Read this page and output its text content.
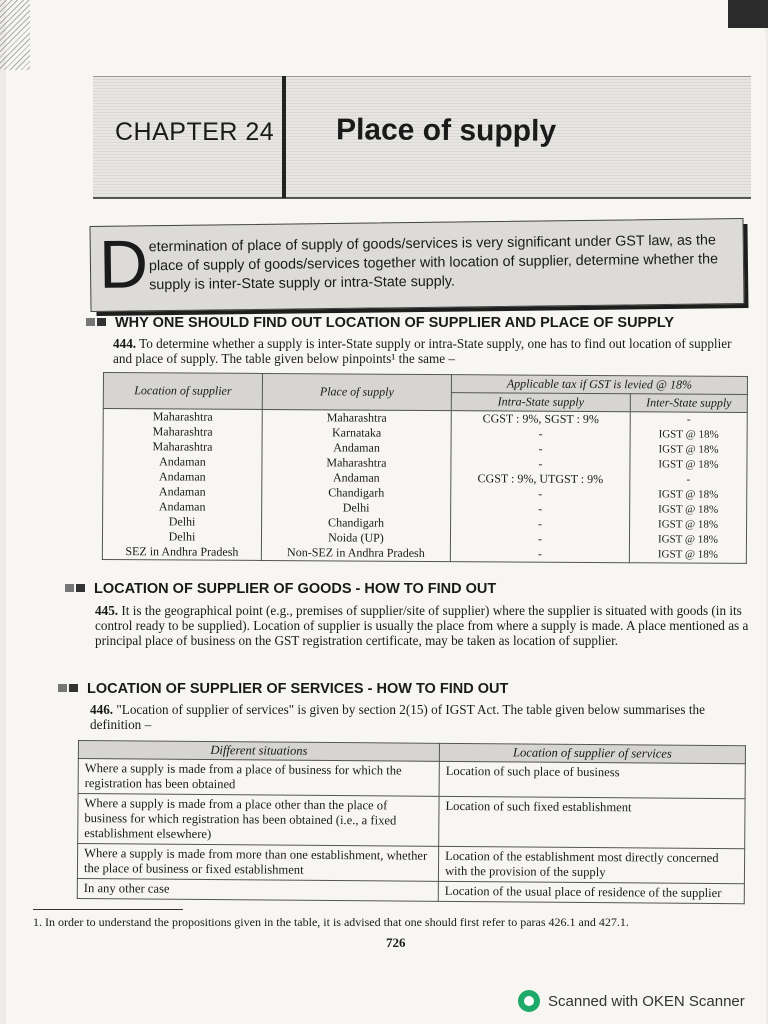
CHAPTER 24 Place of supply
D etermination of place of supply of goods/services is very significant under GST law, as the place of supply of goods/services together with location of supplier, determine whether the supply is inter-State supply or intra-State supply.
WHY ONE SHOULD FIND OUT LOCATION OF SUPPLIER AND PLACE OF SUPPLY
444. To determine whether a supply is inter-State supply or intra-State supply, one has to find out location of supplier and place of supply. The table given below pinpoints¹ the same –
Location of supplier	Place of supply	Applicable tax if GST is levied @ 18%	
		Intra-State supply	Inter-State supply
Maharashtra	Maharashtra	CGST : 9%, SGST : 9%	-
Maharashtra	Karnataka	-	IGST @ 18%
Maharashtra	Andaman	-	IGST @ 18%
Andaman	Maharashtra	-	IGST @ 18%
Andaman	Andaman	CGST : 9%, UTGST : 9%	-
Andaman	Chandigarh	-	IGST @ 18%
Andaman	Delhi	-	IGST @ 18%
Delhi	Chandigarh	-	IGST @ 18%
Delhi	Noida (UP)	-	IGST @ 18%
SEZ in Andhra Pradesh	Non-SEZ in Andhra Pradesh	-	IGST @ 18%
LOCATION OF SUPPLIER OF GOODS - HOW TO FIND OUT
445. It is the geographical point (e.g., premises of supplier/site of supplier) where the supplier is situated with goods (in its control ready to be supplied). Location of supplier is usually the place from where a supply is made. A place mentioned as a principal place of business on the GST registration certificate, may be taken as location of supplier.
LOCATION OF SUPPLIER OF SERVICES - HOW TO FIND OUT
446. "Location of supplier of services" is given by section 2(15) of IGST Act. The table given below summarises the definition –
Different situations	Location of supplier of services
Where a supply is made from a place of business for which the registration has been obtained	Location of such place of business
Where a supply is made from a place other than the place of business for which registration has been obtained (i.e., a fixed establishment elsewhere)	Location of such fixed establishment
Where a supply is made from more than one establishment, whether the place of business or fixed establishment	Location of the establishment most directly concerned with the provision of the supply
In any other case	Location of the usual place of residence of the supplier
1. In order to understand the propositions given in the table, it is advised that one should first refer to paras 426.1 and 427.1.
726
Scanned with OKEN Scanner
